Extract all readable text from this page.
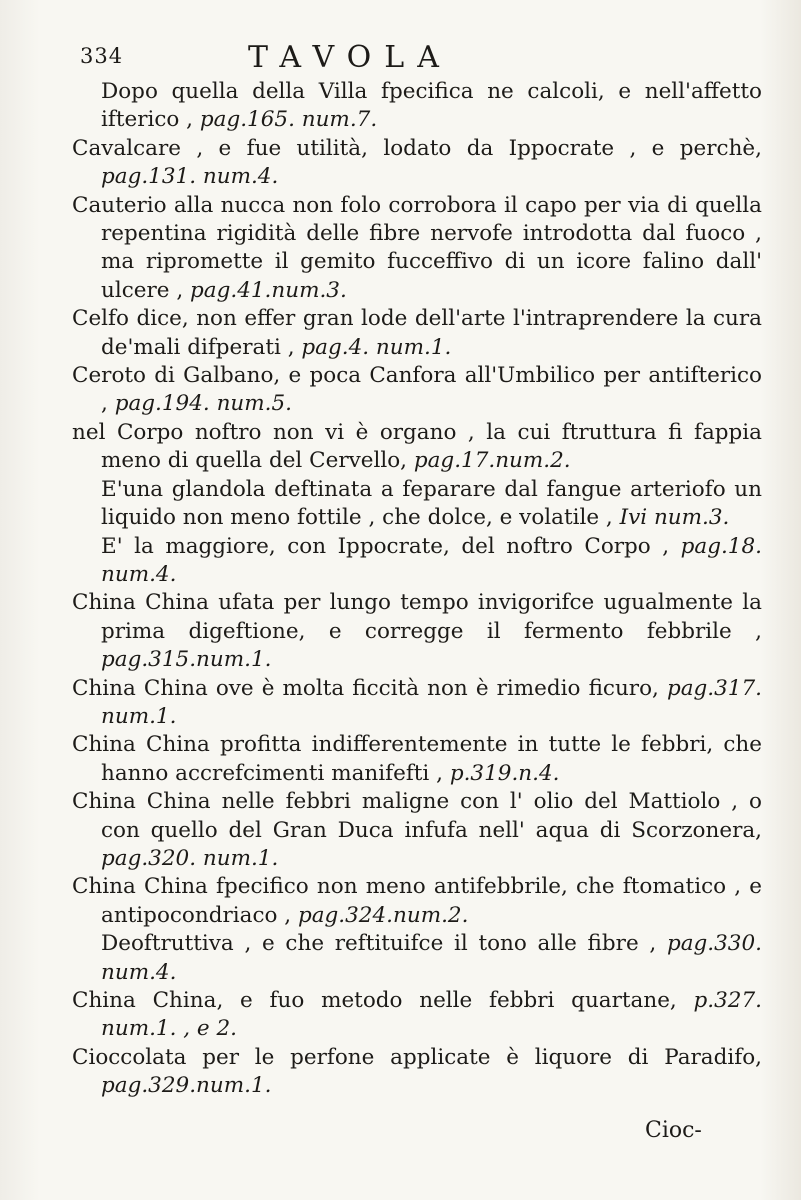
334	TAVOLA

Dopo quella della Villa fpecifica ne calcoli, e nell'affetto ifterico , pag.165. num.7.

Cavalcare , e fue utilità, lodato da Ippocrate , e perchè, pag.131. num.4.

Cauterio alla nucca non folo corrobora il capo per via di quella repentina rigidità delle fibre nervofe introdotta dal fuoco , ma ripromette il gemito fucceffivo di un icore falino dall' ulcere , pag.41.num.3.

Celfo dice, non effer gran lode dell'arte l'intraprendere la cura de'mali difperati , pag.4. num.1.

Ceroto di Galbano, e poca Canfora all'Umbilico per antifterico , pag.194. num.5.

nel Corpo noftro non vi è organo , la cui ftruttura fi fappia meno di quella del Cervello, pag.17.num.2.

E'una glandola deftinata a feparare dal fangue arteriofo un liquido non meno fottile , che dolce, e volatile , Ivi num.3.

E' la maggiore, con Ippocrate, del noftro Corpo , pag.18. num.4.

China China ufata per lungo tempo invigorifce ugualmente la prima digeftione, e corregge il fermento febbrile , pag.315.num.1.

China China ove è molta ficcità non è rimedio ficuro, pag.317. num.1.

China China profitta indifferentemente in tutte le febbri, che hanno accrefcimenti manifefti , p.319.n.4.

China China nelle febbri maligne con l' olio del Mattiolo , o con quello del Gran Duca infufa nell' aqua di Scorzonera, pag.320. num.1.

China China fpecifico non meno antifebbrile, che ftomatico , e antipocondriaco , pag.324.num.2.

Deoftruttiva , e che reftituifce il tono alle fibre , pag.330. num.4.

China China, e fuo metodo nelle febbri quartane, p.327. num.1. , e 2.

Cioccolata per le perfone applicate è liquore di Paradifo, pag.329.num.1.

Cioc-
